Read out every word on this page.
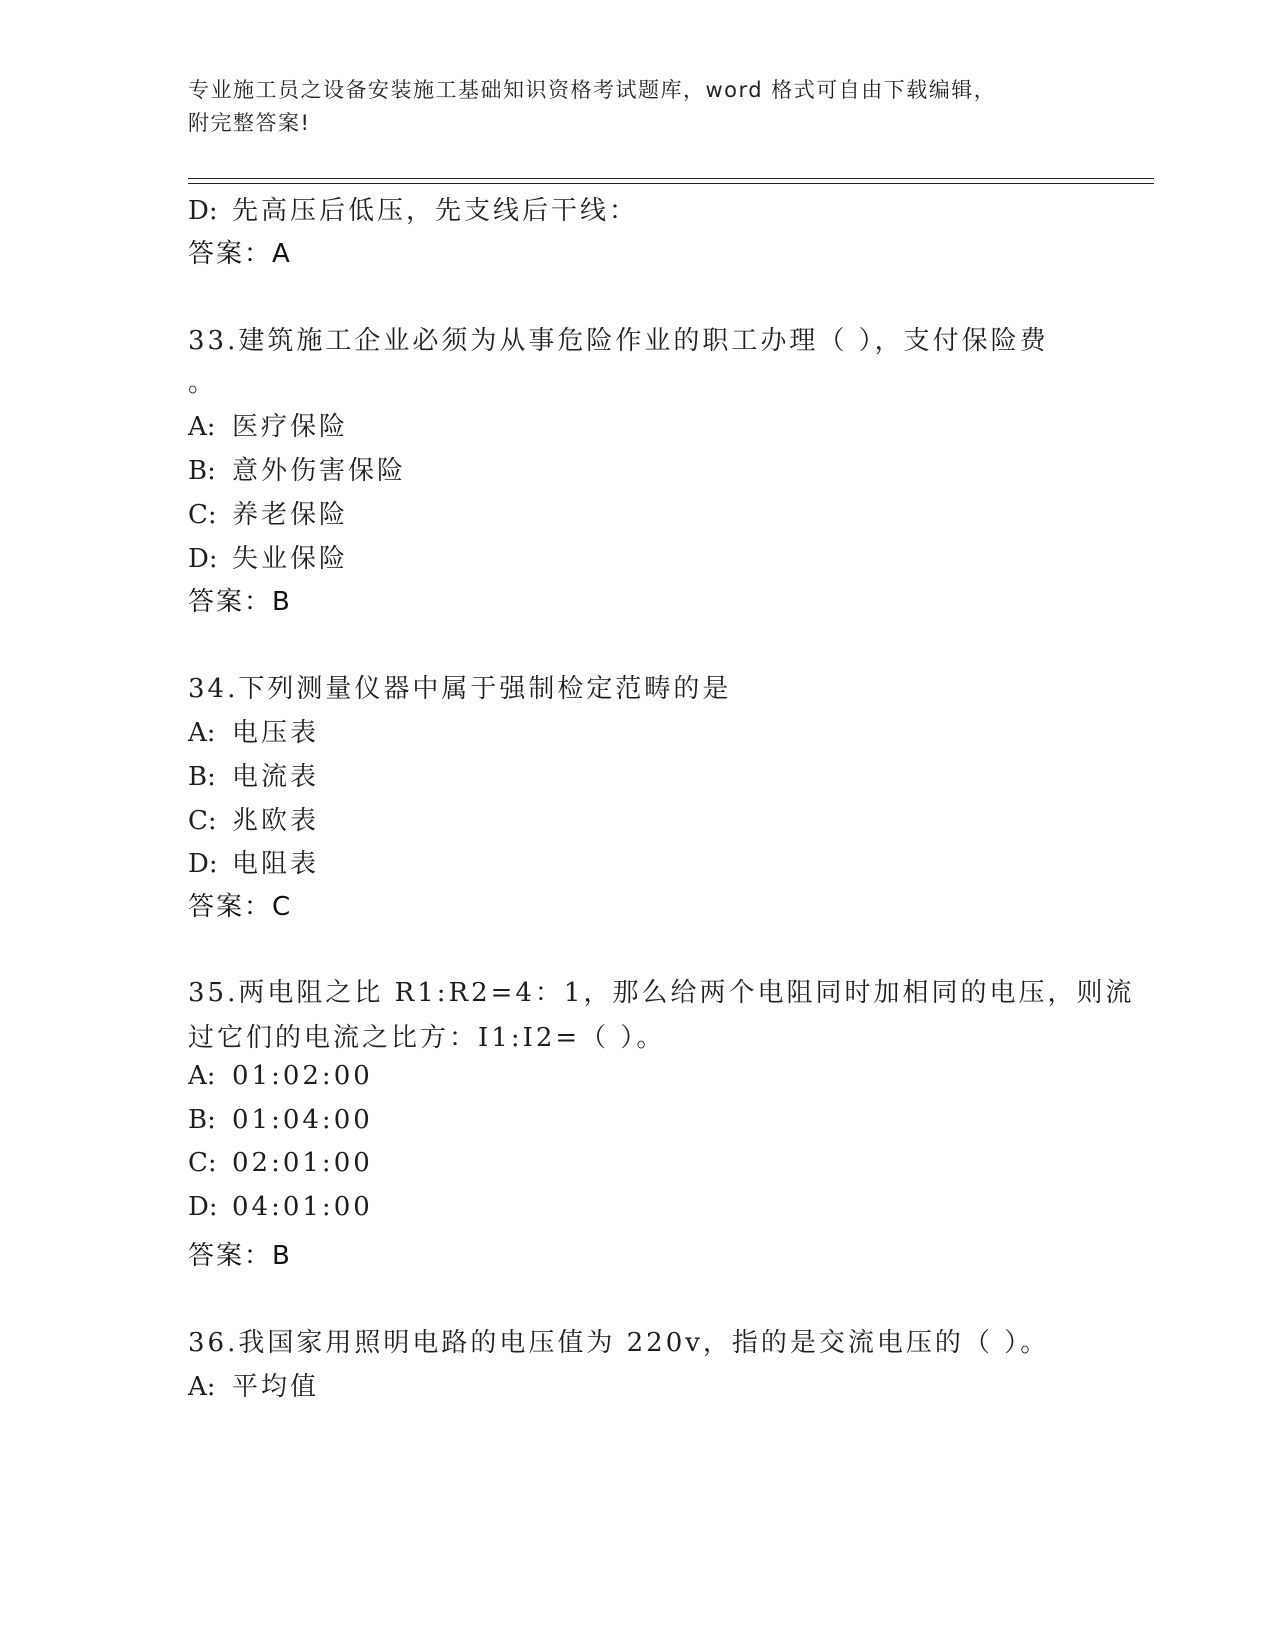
专业施工员之设备安装施工基础知识资格考试题库，word 格式可自由下载编辑，
附完整答案!
D: 先高压后低压，先支线后干线：
答案：A
33.建筑施工企业必须为从事危险作业的职工办理（ ），支付保险费
。
A: 医疗保险
B: 意外伤害保险
C: 养老保险
D: 失业保险
答案：B
34.下列测量仪器中属于强制检定范畴的是
A: 电压表
B: 电流表
C: 兆欧表
D: 电阻表
答案：C
35.两电阻之比 R1:R2=4：1，那么给两个电阻同时加相同的电压，则流
过它们的电流之比方：I1:I2=（ ）。
A: 01:02:00
B: 01:04:00
C: 02:01:00
D: 04:01:00
答案：B
36.我国家用照明电路的电压值为 220v，指的是交流电压的（ ）。
A: 平均值
